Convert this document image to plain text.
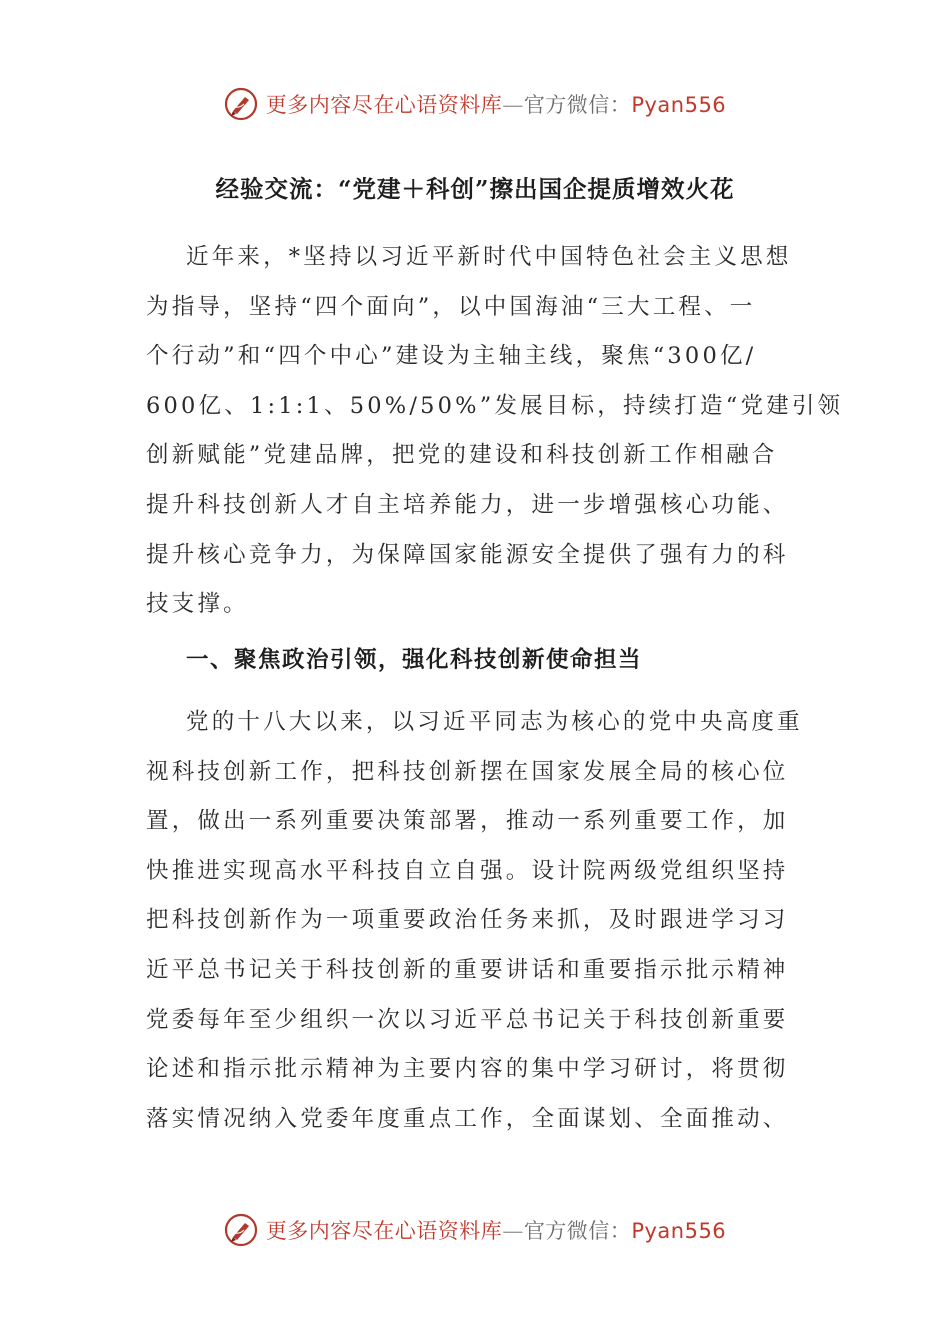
更多内容尽在心语资料库—官方微信：Pyan556
经验交流：“党建＋科创”擦出国企提质增效火花
近年来，*坚持以习近平新时代中国特色社会主义思想
为指导，坚持“四个面向”，以中国海油“三大工程、一
个行动”和“四个中心”建设为主轴主线，聚焦“300亿/
600亿、1:1:1、50%/50%”发展目标，持续打造“党建引领
创新赋能”党建品牌，把党的建设和科技创新工作相融合
提升科技创新人才自主培养能力，进一步增强核心功能、
提升核心竞争力，为保障国家能源安全提供了强有力的科
技支撑。
一、聚焦政治引领，强化科技创新使命担当
党的十八大以来，以习近平同志为核心的党中央高度重
视科技创新工作，把科技创新摆在国家发展全局的核心位
置，做出一系列重要决策部署，推动一系列重要工作，加
快推进实现高水平科技自立自强。设计院两级党组织坚持
把科技创新作为一项重要政治任务来抓，及时跟进学习习
近平总书记关于科技创新的重要讲话和重要指示批示精神
党委每年至少组织一次以习近平总书记关于科技创新重要
论述和指示批示精神为主要内容的集中学习研讨，将贯彻
落实情况纳入党委年度重点工作，全面谋划、全面推动、
更多内容尽在心语资料库—官方微信：Pyan556
